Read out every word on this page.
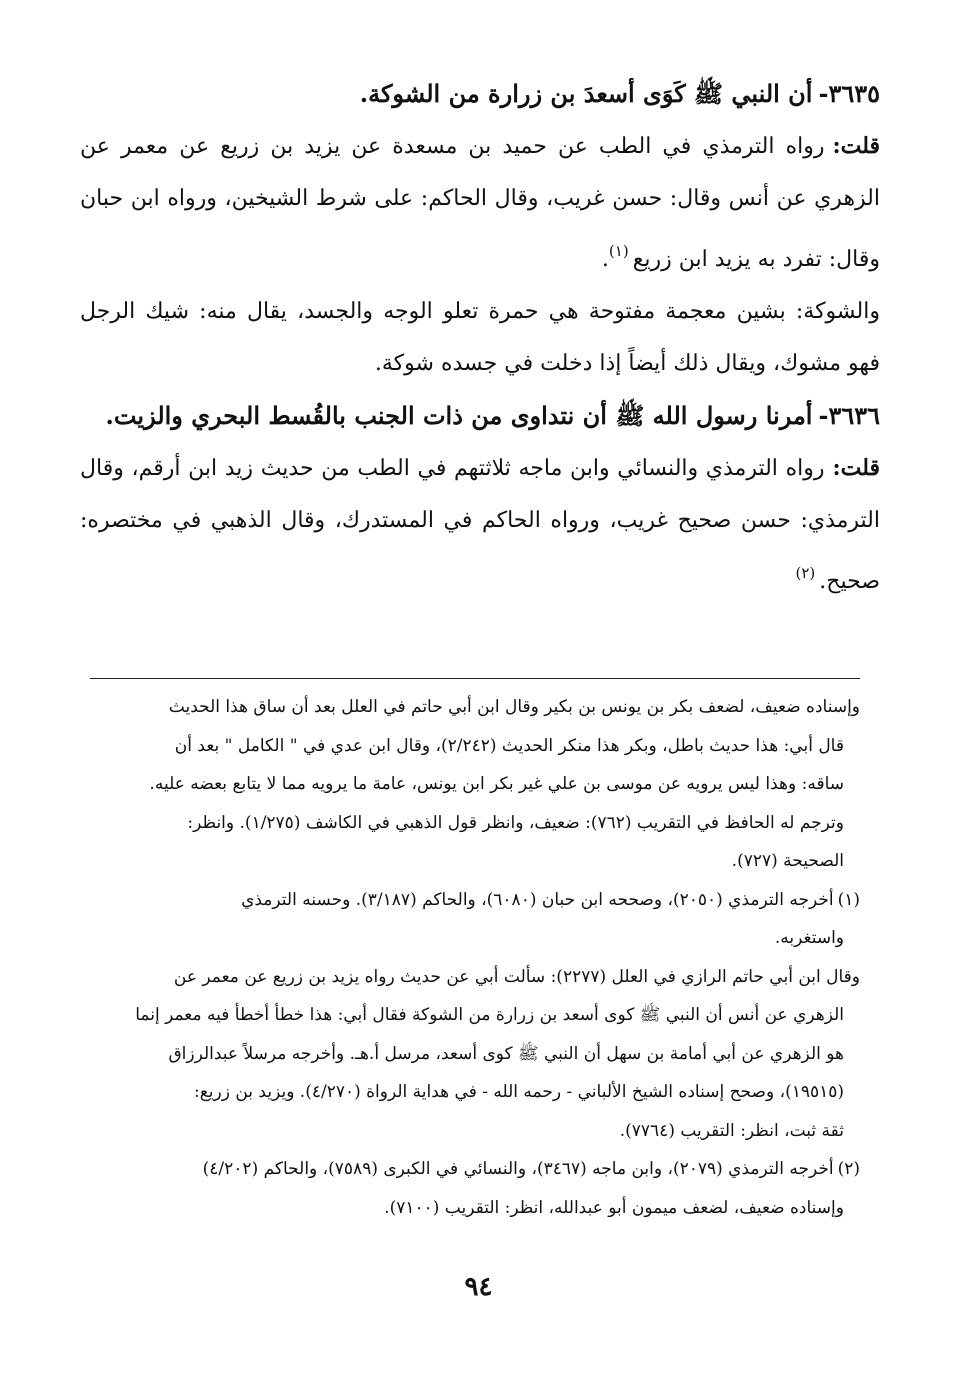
٣٦٣٥-أن النبي ﷺ كَوَى أسعدَ بن زرارة من الشوكة.

قلت:رواه الترمذي في الطب عن حميد بن مسعدة عن يزيد بن زريع عن معمر عن الزهري عن أنس وقال: حسن غريب، وقال الحاكم: على شرط الشيخين، ورواه ابن حبان وقال: تفرد به يزيد ابن زريع$^{(١)}$.

والشوكة: بشين معجمة مفتوحة هي حمرة تعلو الوجه والجسد، يقال منه: شيك الرجل فهو مشوك، ويقال ذلك أيضاً إذا دخلت في جسده شوكة.

٣٦٣٦-أمرنا رسول الله ﷺ أن نتداوى من ذات الجنب بالقُسط البحري والزيت.

قلت:رواه الترمذي والنسائي وابن ماجه ثلاثتهم في الطب من حديث زيد ابن أرقم، وقال الترمذي: حسن صحيح غريب، ورواه الحاكم في المستدرك، وقال الذهبي في مختصره: صحيح.$^{(٢)}$

وإسناده ضعيف، لضعف بكر بن يونس بن بكير وقال ابن أبي حاتم في العلل بعد أن ساق هذا الحديث

قال أبي: هذا حديث باطل، وبكر هذا منكر الحديث (٢/٢٤٢)، وقال ابن عدي في " الكامل " بعد أن

ساقه: وهذا ليس يرويه عن موسى بن علي غير بكر ابن يونس، عامة ما يرويه مما لا يتابع بعضه عليه.

وترجم له الحافظ في التقريب (٧٦٢): ضعيف، وانظر قول الذهبي في الكاشف (١/٢٧٥). وانظر:

الصحيحة (٧٢٧).

(١)أخرجه الترمذي (٢٠٥٠)، وصححه ابن حبان (٦٠٨٠)، والحاكم (٣/١٨٧). وحسنه الترمذي

واستغربه.

وقال ابن أبي حاتم الرازي في العلل (٢٢٧٧): سألت أبي عن حديث رواه يزيد بن زريع عن معمر عن

الزهري عن أنس أن النبي ﷺ كوى أسعد بن زرارة من الشوكة فقال أبي: هذا خطأ أخطأ فيه معمر إنما

هو الزهري عن أبي أمامة بن سهل أن النبي ﷺ كوى أسعد، مرسل أ.هـ. وأخرجه مرسلاً عبدالرزاق

(١٩٥١٥)، وصحح إسناده الشيخ الألباني - رحمه الله - في هداية الرواة (٤/٢٧٠). ويزيد بن زريع:

ثقة ثبت، انظر: التقريب (٧٧٦٤).

(٢)أخرجه الترمذي (٢٠٧٩)، وابن ماجه (٣٤٦٧)، والنسائي في الكبرى (٧٥٨٩)، والحاكم (٤/٢٠٢)

وإسناده ضعيف، لضعف ميمون أبو عبدالله، انظر: التقريب (٧١٠٠).

٩٤
